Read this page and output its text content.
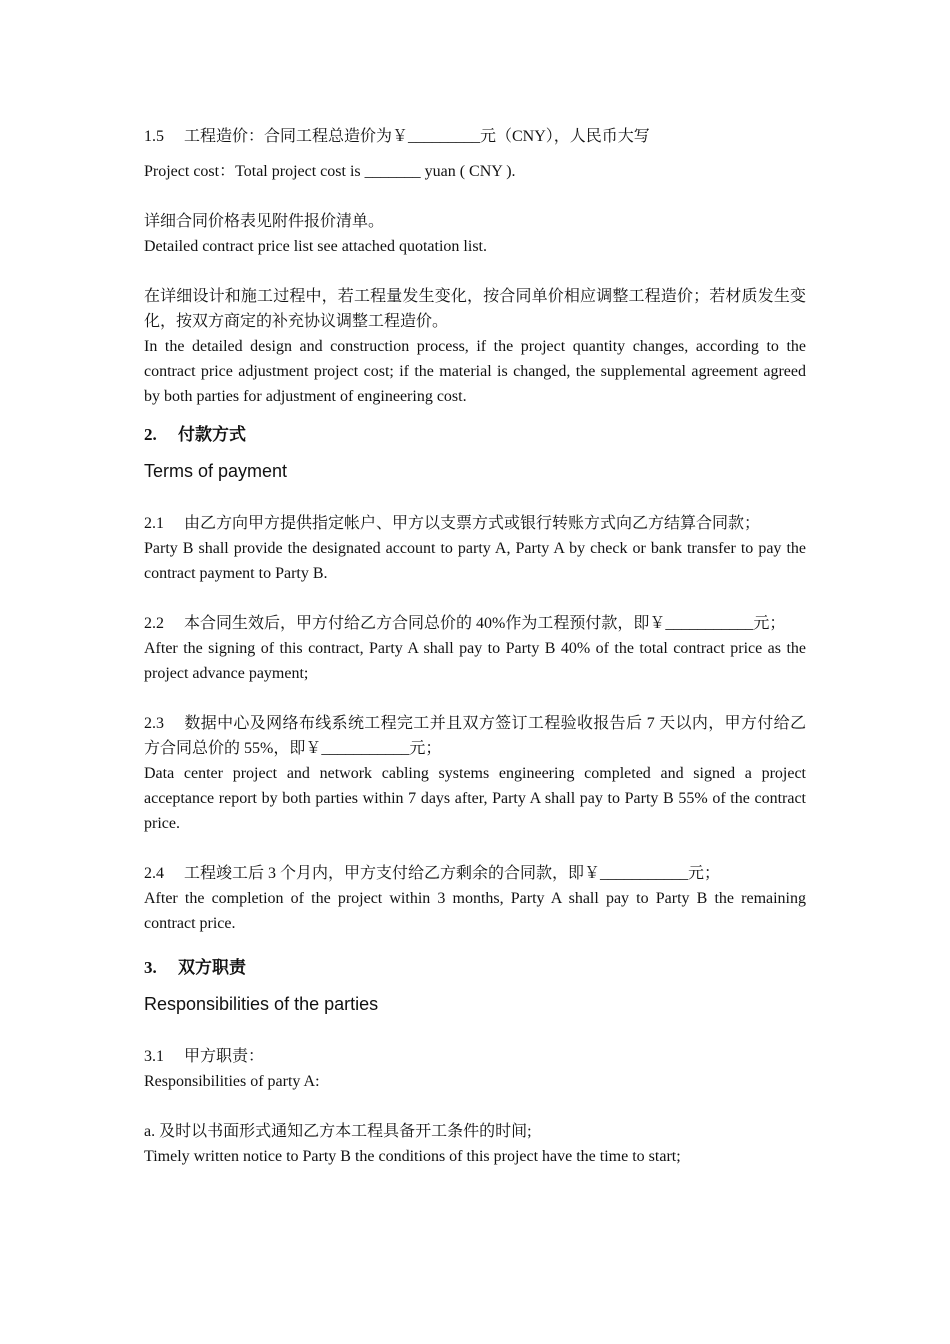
1.5 工程造价：合同工程总造价为￥_________元（CNY），人民币大写

Project cost：Total project cost is _______ yuan ( CNY ).

详细合同价格表见附件报价清单。

Detailed contract price list see attached quotation list.

在详细设计和施工过程中，若工程量发生变化，按合同单价相应调整工程造价；若材质发生变化，按双方商定的补充协议调整工程造价。

In the detailed design and construction process, if the project quantity changes, according to the contract price adjustment project cost; if the material is changed, the supplemental agreement agreed by both parties for adjustment of engineering cost.

2. 付款方式

Terms of payment

2.1 由乙方向甲方提供指定帐户、甲方以支票方式或银行转账方式向乙方结算合同款；

Party B shall provide the designated account to party A, Party A by check or bank transfer to pay the contract payment to Party B.

2.2 本合同生效后，甲方付给乙方合同总价的 40%作为工程预付款，即￥___________元；

After the signing of this contract, Party A shall pay to Party B 40% of the total contract price as the project advance payment;

2.3 数据中心及网络布线系统工程完工并且双方签订工程验收报告后 7 天以内，甲方付给乙方合同总价的 55%，即￥___________元；

Data center project and network cabling systems engineering completed and signed a project acceptance report by both parties within 7 days after, Party A shall pay to Party B 55% of the contract price.

2.4 工程竣工后 3 个月内，甲方支付给乙方剩余的合同款，即￥___________元；

After the completion of the project within 3 months, Party A shall pay to Party B the remaining contract price.

3. 双方职责

Responsibilities of the parties

3.1 甲方职责：

Responsibilities of party A:

a. 及时以书面形式通知乙方本工程具备开工条件的时间;

Timely written notice to Party B the conditions of this project have the time to start;
